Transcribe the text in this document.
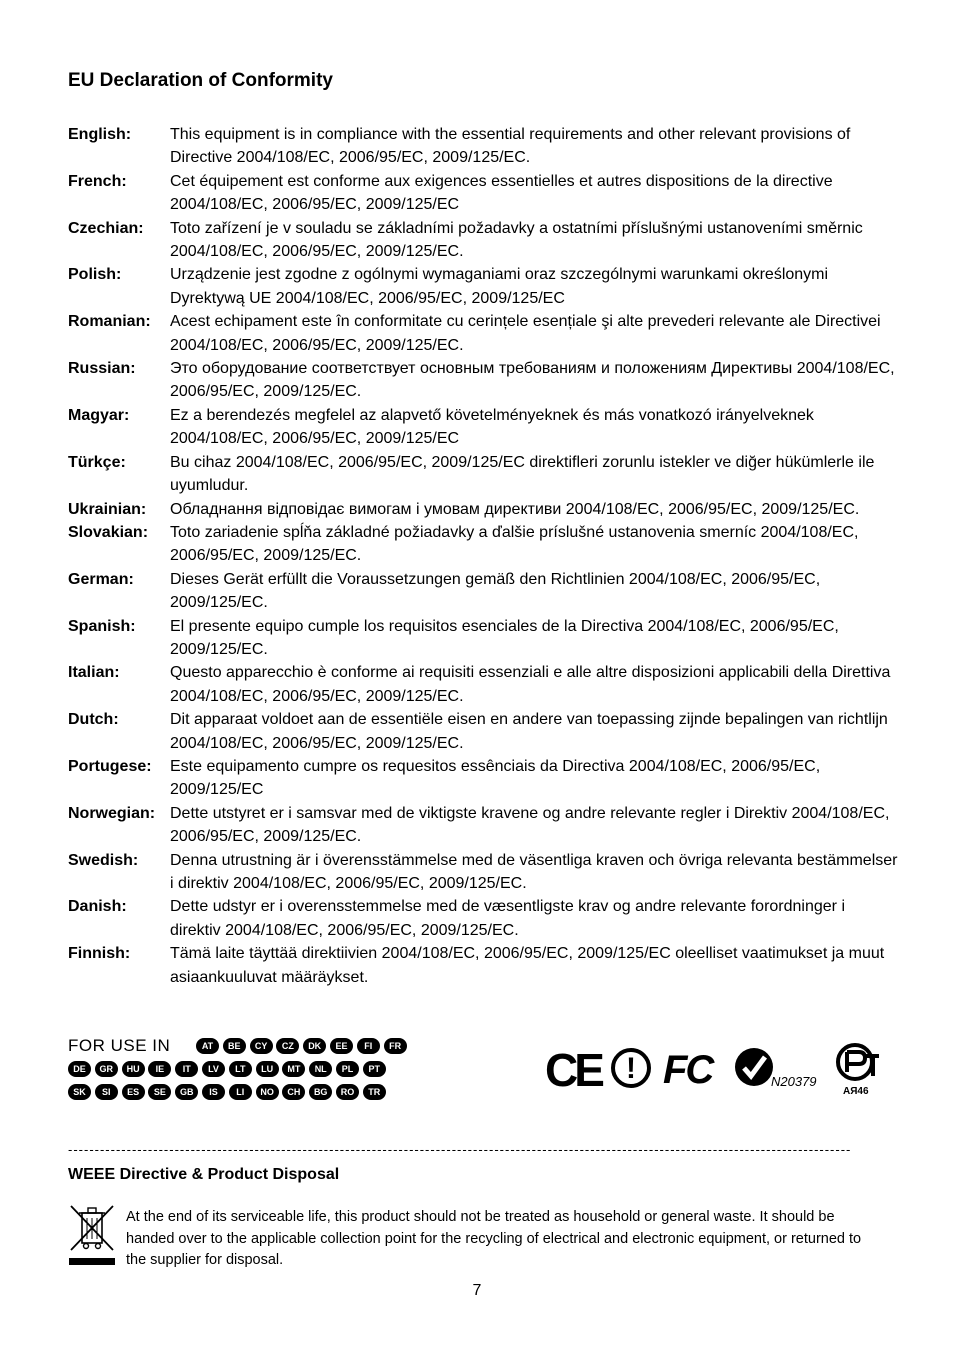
EU Declaration of Conformity
English:	This equipment is in compliance with the essential requirements and other relevant provisions of Directive 2004/108/EC, 2006/95/EC, 2009/125/EC.
French:	Cet équipement est conforme aux exigences essentielles et autres dispositions de la directive 2004/108/EC, 2006/95/EC, 2009/125/EC
Czechian:	Toto zařízení je v souladu se základními požadavky a ostatními příslušnými ustanoveními směrnic 2004/108/EC, 2006/95/EC, 2009/125/EC.
Polish:	Urządzenie jest zgodne z ogólnymi wymaganiami oraz szczególnymi warunkami określonymi Dyrektywą UE 2004/108/EC, 2006/95/EC, 2009/125/EC
Romanian:	Acest echipament este în conformitate cu cerințele esențiale şi alte prevederi relevante ale Directivei 2004/108/EC, 2006/95/EC, 2009/125/EC.
Russian:	Это оборудование соответствует основным требованиям и положениям Директивы 2004/108/EC, 2006/95/EC, 2009/125/EC.
Magyar:	Ez a berendezés megfelel az alapvető követelményeknek és más vonatkozó irányelveknek 2004/108/EC, 2006/95/EC, 2009/125/EC
Türkçe:	Bu cihaz 2004/108/EC, 2006/95/EC, 2009/125/EC direktifleri zorunlu istekler ve diğer hükümlerle ile uyumludur.
Ukrainian:	Обладнання відповідає вимогам і умовам директиви 2004/108/EC, 2006/95/EC, 2009/125/EC.
Slovakian:	Toto zariadenie spĺňa základné požiadavky a ďalšie príslušné ustanovenia smerníc 2004/108/EC, 2006/95/EC, 2009/125/EC.
German:	Dieses Gerät erfüllt die Voraussetzungen gemäß den Richtlinien 2004/108/EC, 2006/95/EC, 2009/125/EC.
Spanish:	El presente equipo cumple los requisitos esenciales de la Directiva 2004/108/EC, 2006/95/EC, 2009/125/EC.
Italian:	Questo apparecchio è conforme ai requisiti essenziali e alle altre disposizioni applicabili della Direttiva 2004/108/EC, 2006/95/EC, 2009/125/EC.
Dutch:	Dit apparaat voldoet aan de essentiële eisen en andere van toepassing zijnde bepalingen van richtlijn 2004/108/EC, 2006/95/EC, 2009/125/EC.
Portugese:	Este equipamento cumpre os requesitos essênciais da Directiva 2004/108/EC, 2006/95/EC, 2009/125/EC
Norwegian: Dette utstyret er i samsvar med de viktigste kravene og andre relevante regler i Direktiv 2004/108/EC, 2006/95/EC, 2009/125/EC.
Swedish:	Denna utrustning är i överensstämmelse med de väsentliga kraven och övriga relevanta bestämmelser i direktiv 2004/108/EC, 2006/95/EC, 2009/125/EC.
Danish:	Dette udstyr er i overensstemmelse med de væsentligste krav og andre relevante forordninger i direktiv 2004/108/EC, 2006/95/EC, 2009/125/EC.
Finnish:	Tämä laite täyttää direktiivien 2004/108/EC, 2006/95/EC, 2009/125/EC oleelliset vaatimukset ja muut asiaankuuluvat määräykset.
FOR USE IN	AT	BE	CY	CZ	DK	EE	FI	FR
DE	GR	HU	IE	IT	LV	LT	LU	MT	NL	PL	PT
SK	SI	ES	SE	GB	IS	LI	NO	CH	BG	RO	TR	CE ! FC	N20379
АЯ46
---------------------------------------------------------------------------------------------------------------------------------------------------
WEEE Directive & Product Disposal
At the end of its serviceable life, this product should not be treated as household or general waste. It should be handed over to the applicable collection point for the recycling of electrical and electronic equipment, or returned to the supplier for disposal.
7
